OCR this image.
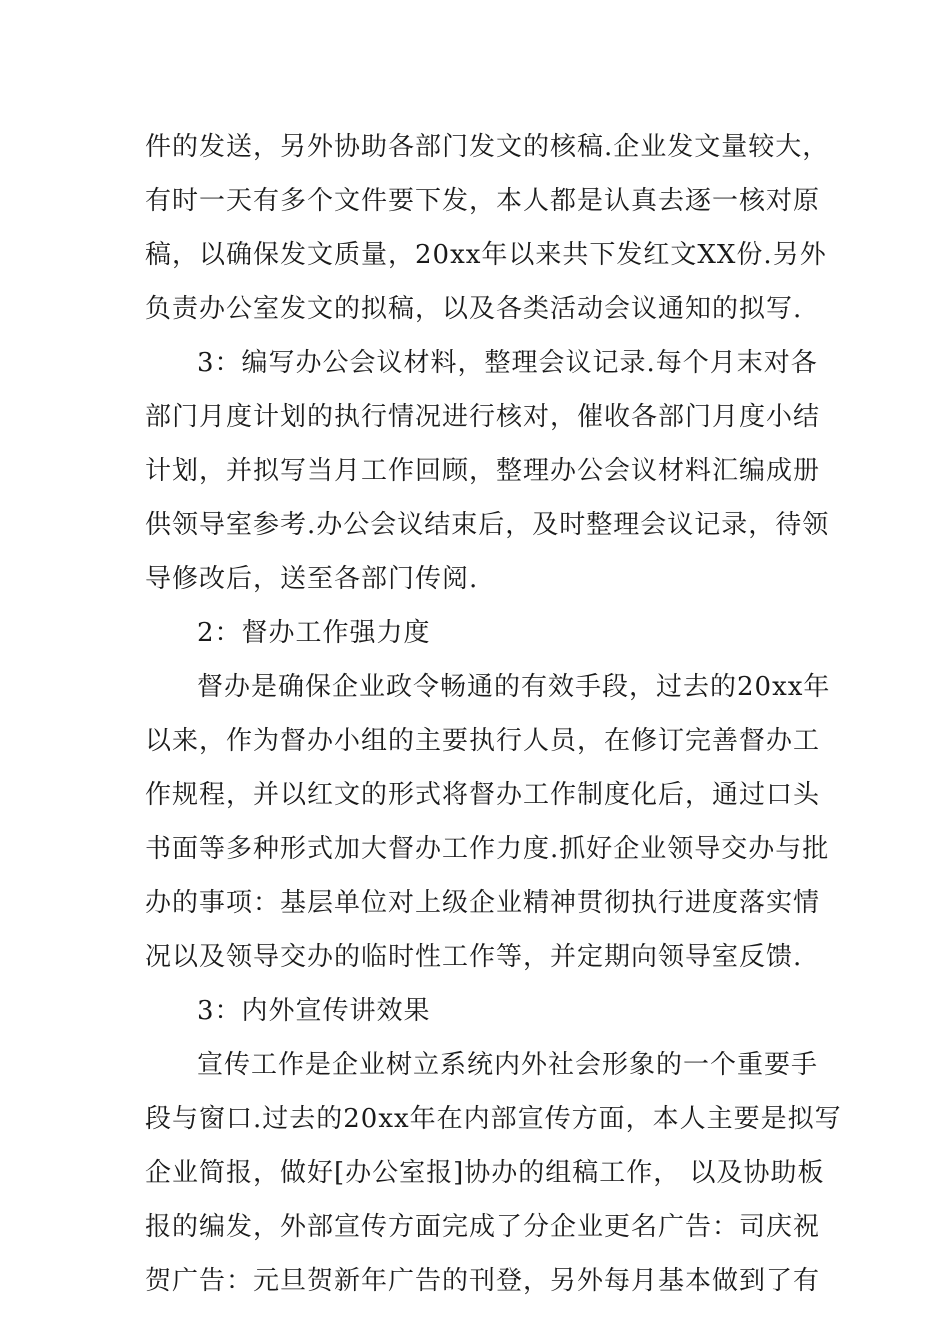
件的发送，另外协助各部门发文的核稿.企业发文量较大，
有时一天有多个文件要下发，本人都是认真去逐一核对原
稿，以确保发文质量，20xx年以来共下发红文XX份.另外
负责办公室发文的拟稿，以及各类活动会议通知的拟写.
3：编写办公会议材料，整理会议记录.每个月末对各
部门月度计划的执行情况进行核对，催收各部门月度小结
计划，并拟写当月工作回顾，整理办公会议材料汇编成册
供领导室参考.办公会议结束后，及时整理会议记录，待领
导修改后，送至各部门传阅.
2：督办工作强力度
督办是确保企业政令畅通的有效手段，过去的20xx年
以来，作为督办小组的主要执行人员，在修订完善督办工
作规程，并以红文的形式将督办工作制度化后，通过口头
书面等多种形式加大督办工作力度.抓好企业领导交办与批
办的事项：基层单位对上级企业精神贯彻执行进度落实情
况以及领导交办的临时性工作等，并定期向领导室反馈.
3：内外宣传讲效果
宣传工作是企业树立系统内外社会形象的一个重要手
段与窗口.过去的20xx年在内部宣传方面，本人主要是拟写
企业简报，做好[办公室报]协办的组稿工作， 以及协助板
报的编发，外部宣传方面完成了分企业更名广告：司庆祝
贺广告：元旦贺新年广告的刊登，另外每月基本做到了有
